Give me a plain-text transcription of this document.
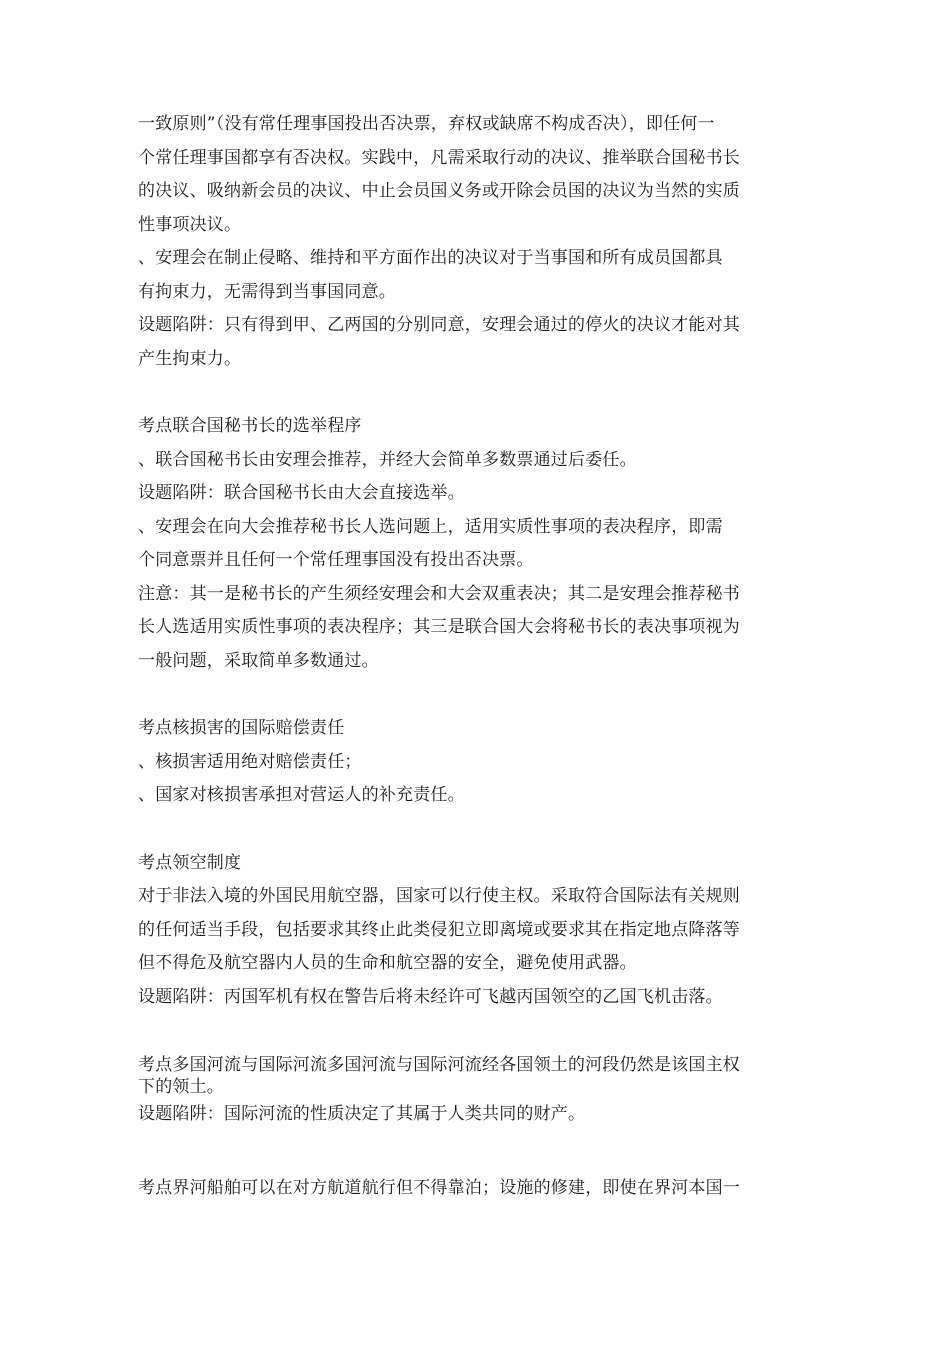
一致原则”（没有常任理事国投出否决票，弃权或缺席不构成否决），即任何一
个常任理事国都享有否决权。实践中，凡需采取行动的决议、推举联合国秘书长
的决议、吸纳新会员的决议、中止会员国义务或开除会员国的决议为当然的实质
性事项决议。
、安理会在制止侵略、维持和平方面作出的决议对于当事国和所有成员国都具
有拘束力，无需得到当事国同意。
设题陷阱：只有得到甲、乙两国的分别同意，安理会通过的停火的决议才能对其
产生拘束力。
考点联合国秘书长的选举程序
、联合国秘书长由安理会推荐，并经大会简单多数票通过后委任。
设题陷阱：联合国秘书长由大会直接选举。
、安理会在向大会推荐秘书长人选问题上，适用实质性事项的表决程序，即需
个同意票并且任何一个常任理事国没有投出否决票。
注意：其一是秘书长的产生须经安理会和大会双重表决；其二是安理会推荐秘书
长人选适用实质性事项的表决程序；其三是联合国大会将秘书长的表决事项视为
一般问题，采取简单多数通过。
考点核损害的国际赔偿责任
、核损害适用绝对赔偿责任；
、国家对核损害承担对营运人的补充责任。
考点领空制度
对于非法入境的外国民用航空器，国家可以行使主权。采取符合国际法有关规则
的任何适当手段，包括要求其终止此类侵犯立即离境或要求其在指定地点降落等
但不得危及航空器内人员的生命和航空器的安全，避免使用武器。
设题陷阱：丙国军机有权在警告后将未经许可飞越丙国领空的乙国飞机击落。
考点多国河流与国际河流多国河流与国际河流经各国领土的河段仍然是该国主权
下的领土。
设题陷阱：国际河流的性质决定了其属于人类共同的财产。
考点界河船舶可以在对方航道航行但不得靠泊；设施的修建，即使在界河本国一
